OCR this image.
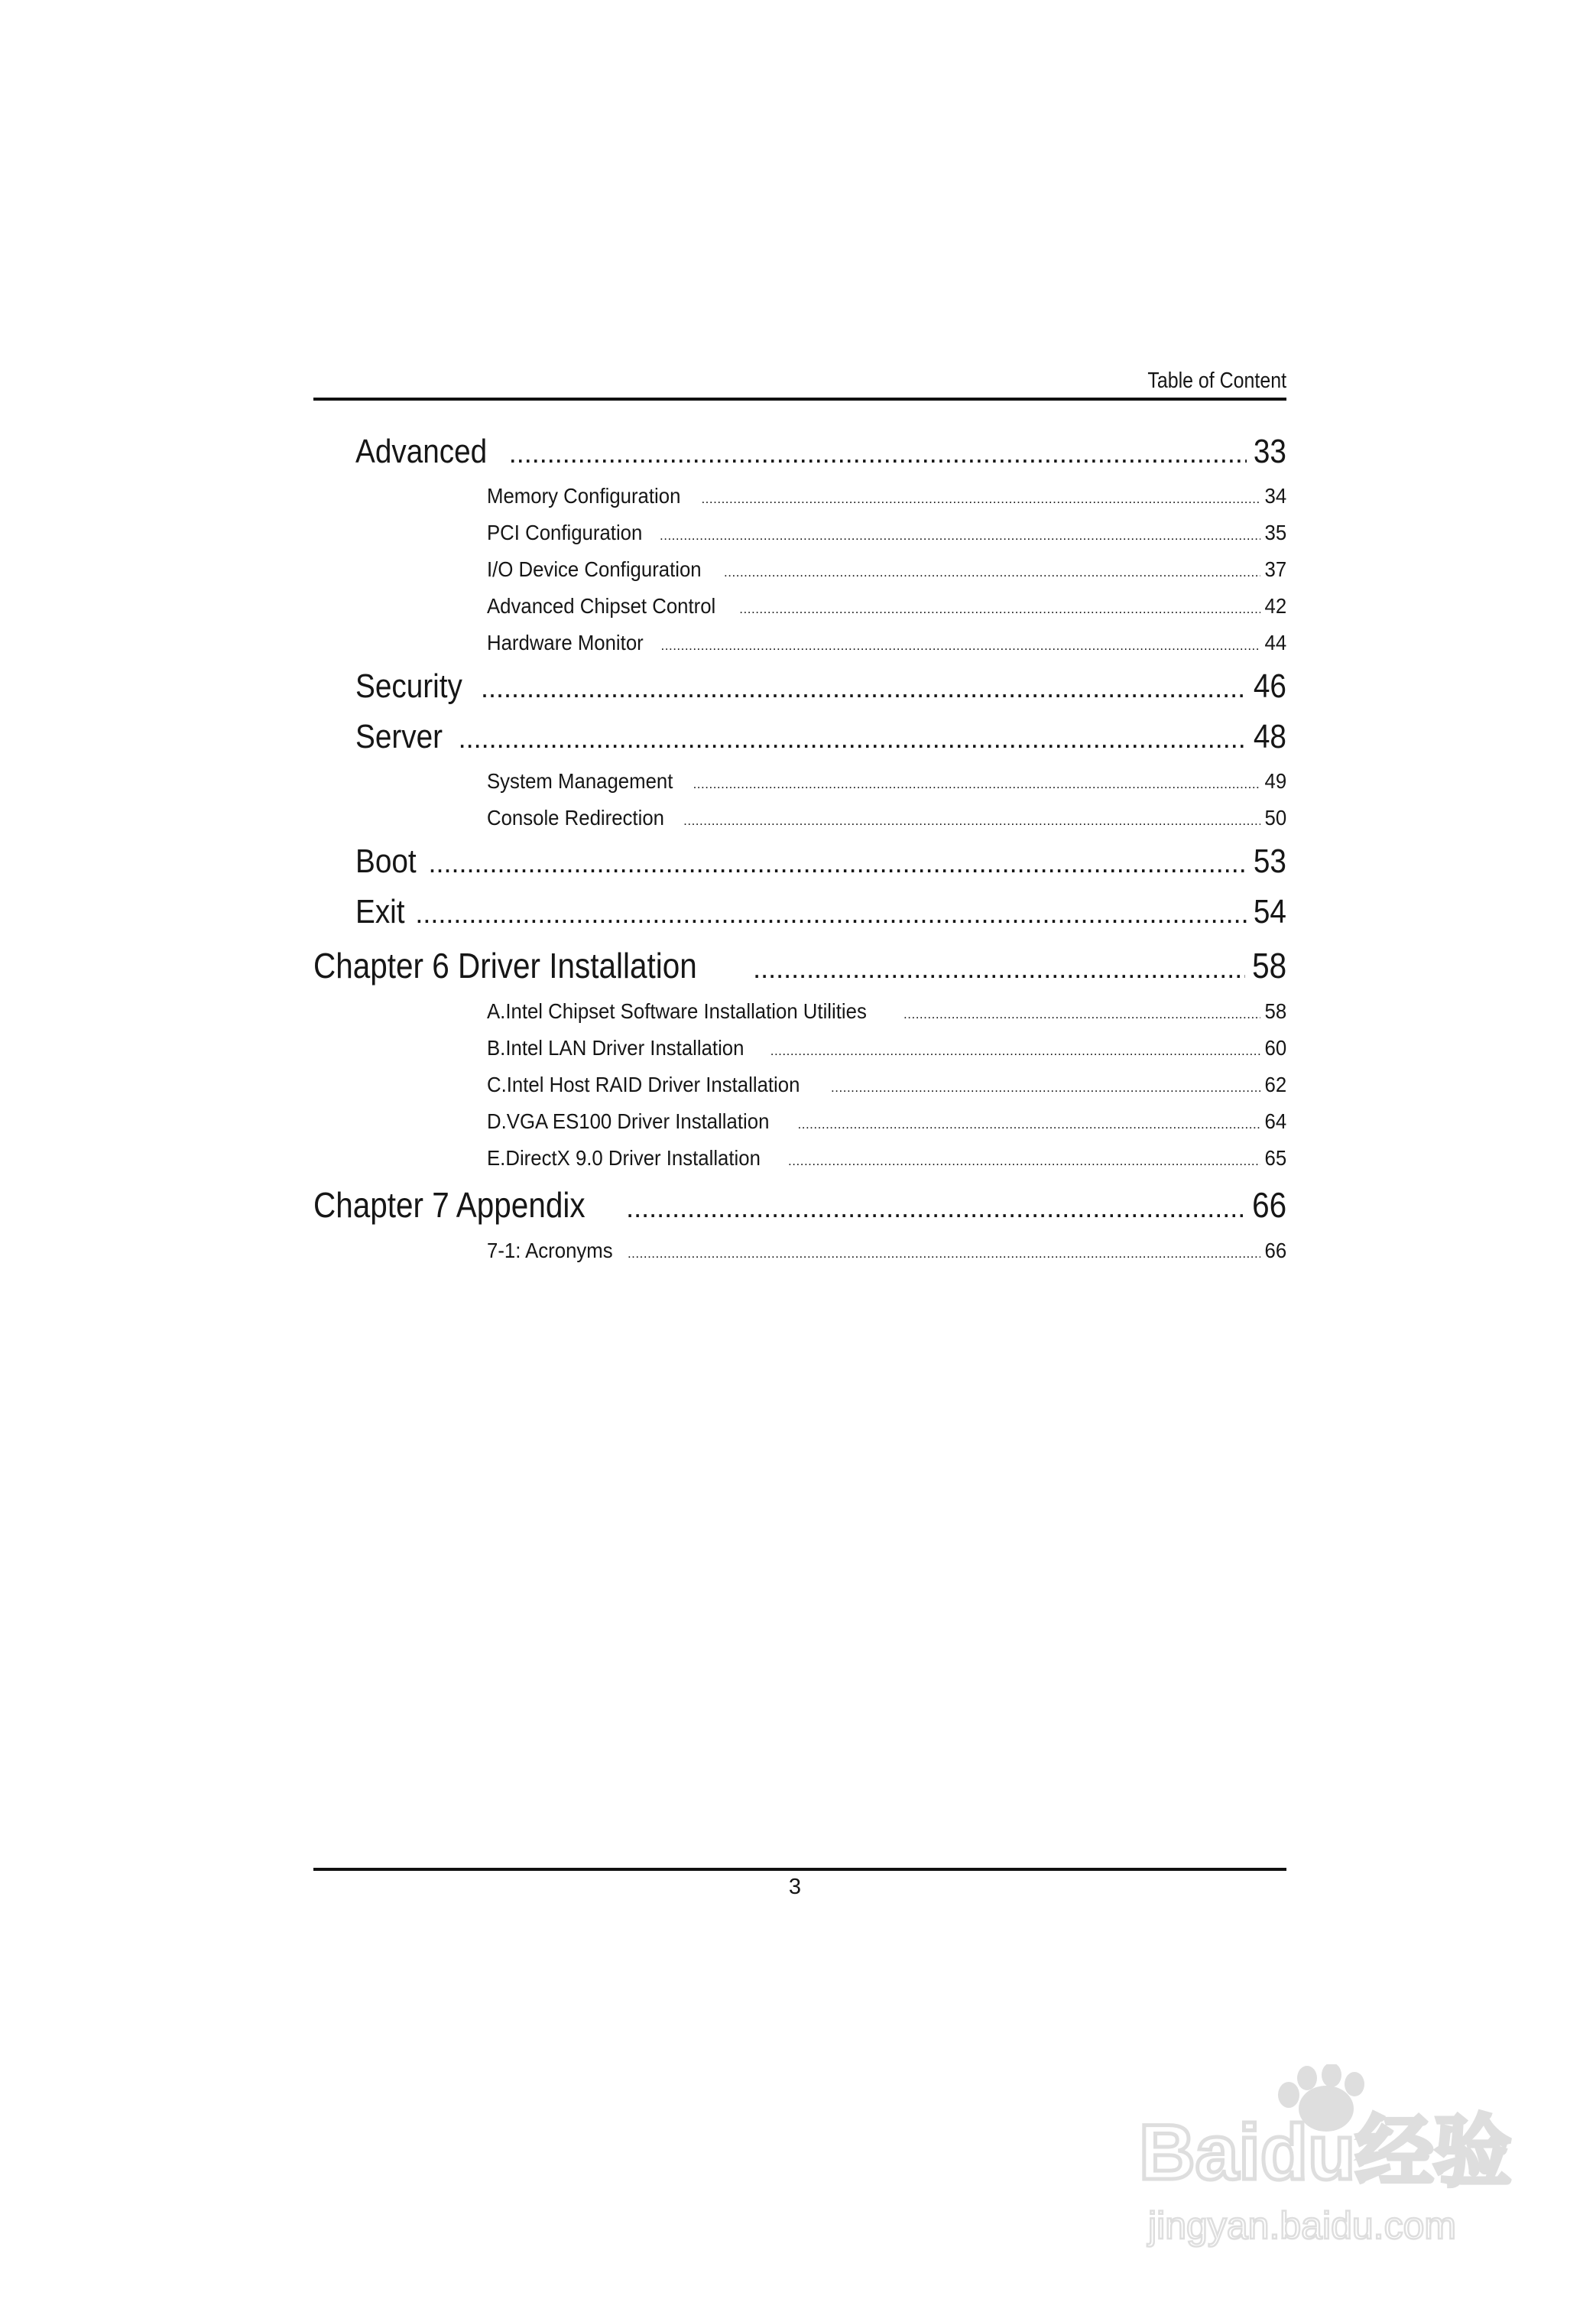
Table of Content
Advanced .....	33
Memory Configuration .....	34
PCI Configuration .....	35
I/O Device Configuration .....	37
Advanced Chipset Control .....	42
Hardware Monitor .....	44
Security .....	46
Server .....	48
System Management .....	49
Console Redirection .....	50
Boot .....	53
Exit .....	54
Chapter 6 Driver Installation .....	58
A.Intel Chipset Software Installation Utilities .....	58
B.Intel LAN Driver Installation .....	60
C.Intel Host RAID Driver Installation .....	62
D.VGA ES100 Driver Installation .....	64
E.DirectX 9.0 Driver Installation .....	65
Chapter 7 Appendix .....	66
7-1: Acronyms .....	66
3
Baidu经验
jingyan.baidu.com
